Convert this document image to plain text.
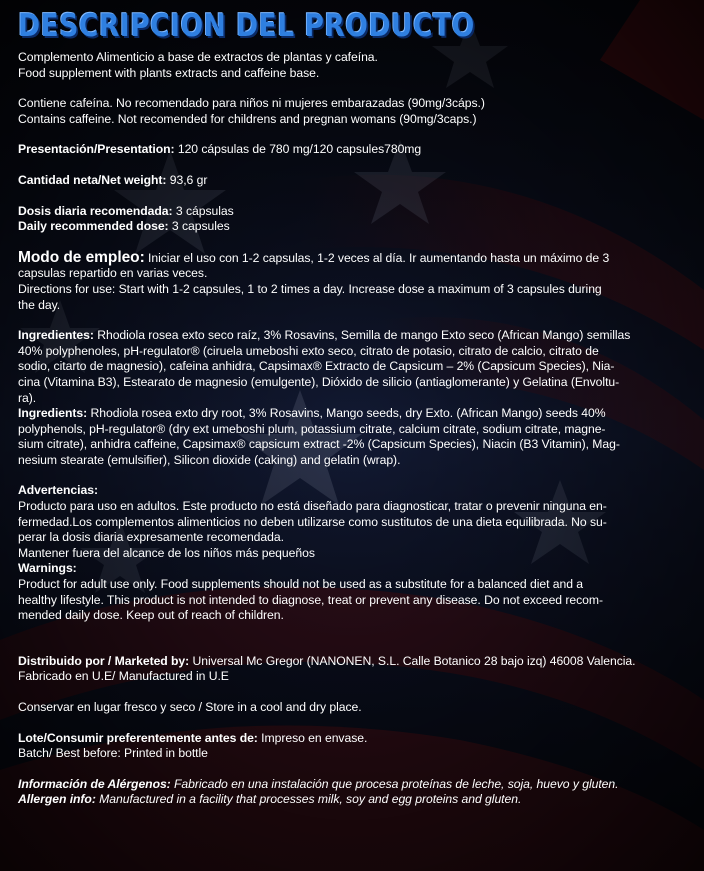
DESCRIPCION DEL PRODUCTO

Complemento Alimenticio a base de extractos de plantas y cafeína.

Food supplement with plants extracts and caffeine base.

Contiene cafeína. No recomendado para niños ni mujeres embarazadas (90mg/3cáps.)

Contains caffeine. Not recomended for childrens and pregnan womans (90mg/3caps.)

Presentación/Presentation: 120 cápsulas de 780 mg/120 capsules780mg

Cantidad neta/Net weight: 93,6 gr

Dosis diaria recomendada: 3 cápsulas

Daily recommended dose: 3 capsules

Modo de empleo: Iniciar el uso con 1-2 capsulas, 1-2 veces al día. Ir aumentando hasta un máximo de 3

capsulas repartido en varias veces.

Directions for use: Start with 1-2 capsules, 1 to 2 times a day. Increase dose a maximum of 3 capsules during

the day.

Ingredientes: Rhodiola rosea exto seco raíz, 3% Rosavins, Semilla de mango Exto seco (African Mango) semillas

40% polyphenoles, pH-regulator® (ciruela umeboshi exto seco, citrato de potasio, citrato de calcio, citrato de

sodio, citarto de magnesio), cafeina anhidra, Capsimax® Extracto de Capsicum – 2% (Capsicum Species), Nia-

cina (Vitamina B3), Estearato de magnesio (emulgente), Dióxido de silicio (antiaglomerante) y Gelatina (Envoltu-

ra).

Ingredients: Rhodiola rosea exto dry root, 3% Rosavins, Mango seeds, dry Exto. (African Mango) seeds 40%

polyphenols, pH-regulator® (dry ext umeboshi plum, potassium citrate, calcium citrate, sodium citrate, magne-

sium citrate), anhidra caffeine, Capsimax® capsicum extract -2% (Capsicum Species), Niacin (B3 Vitamin), Mag-

nesium stearate (emulsifier), Silicon dioxide (caking) and gelatin (wrap).

Advertencias:

Producto para uso en adultos. Este producto no está diseñado para diagnosticar, tratar o prevenir ninguna en-

fermedad.Los complementos alimenticios no deben utilizarse como sustitutos de una dieta equilibrada. No su-

perar la dosis diaria expresamente recomendada.

Mantener fuera del alcance de los niños más pequeños

Warnings:

Product for adult use only. Food supplements should not be used as a substitute for a balanced diet and a

healthy lifestyle. This product is not intended to diagnose, treat or prevent any disease. Do not exceed recom-

mended daily dose. Keep out of reach of children.

Distribuido por / Marketed by: Universal Mc Gregor (NANONEN, S.L. Calle Botanico 28 bajo izq) 46008 Valencia.

Fabricado en U.E/ Manufactured in U.E

Conservar en lugar fresco y seco / Store in a cool and dry place.

Lote/Consumir preferentemente antes de: Impreso en envase.

Batch/ Best before: Printed in bottle

Información de Alérgenos: Fabricado en una instalación que procesa proteínas de leche, soja, huevo y gluten.

Allergen info: Manufactured in a facility that processes milk, soy and egg proteins and gluten.
